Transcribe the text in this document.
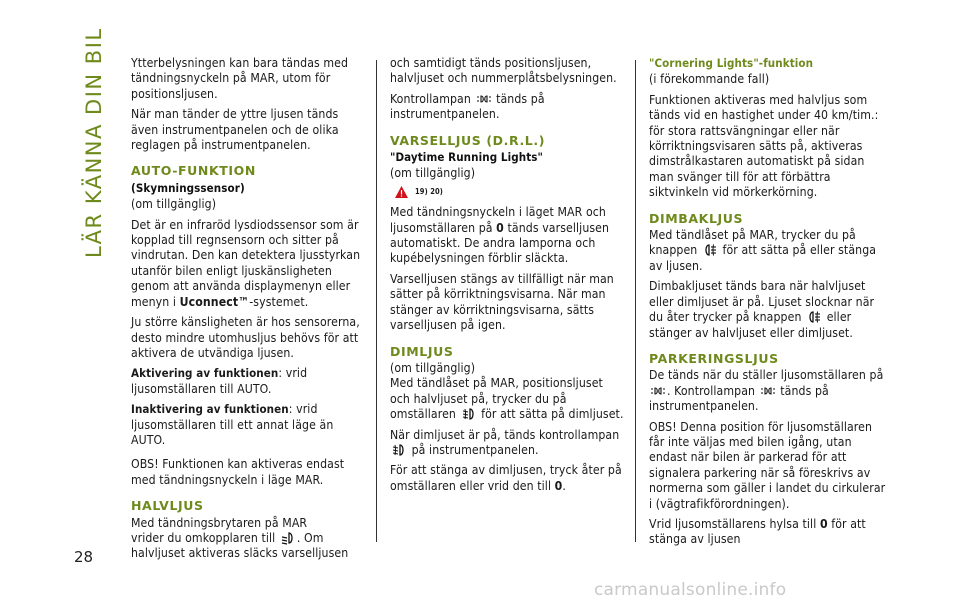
LÄR KÄNNA DIN BIL
28

Ytterbelysningen kan bara tändas med tändningsnyckeln på MAR, utom för positionsljusen.

När man tänder de yttre ljusen tänds även instrumentpanelen och de olika reglagen på instrumentpanelen.

AUTO-FUNKTION
(Skymningssensor)

(om tillgänglig)

Det är en infraröd lysdiodssensor som är kopplad till regnsensorn och sitter på vindrutan. Den kan detektera ljusstyrkan utanför bilen enligt ljuskänsligheten genom att använda displaymenyn eller menyn i Uconnect™-systemet.

Ju större känsligheten är hos sensorerna, desto mindre utomhusljus behövs för att aktivera de utvändiga ljusen.

Aktivering av funktionen: vrid ljusomställaren till AUTO.

Inaktivering av funktionen: vrid ljusomställaren till ett annat läge än AUTO.

OBS! Funktionen kan aktiveras endast med tändningsnyckeln i läge MAR.

HALVLJUS

Med tändningsbrytaren på MAR

vrider du omkopplaren till . Om halvljuset aktiveras släcks varselljusen

och samtidigt tänds positionsljusen, halvljuset och nummerplåtsbelysningen.

Kontrollampan  tänds på instrumentpanelen.

VARSELLJUS (D.R.L.)
"Daytime Running Lights"

(om tillgänglig)

19) 20)

Med tändningsnyckeln i läget MAR och ljusomställaren på 0 tänds varselljusen automatiskt. De andra lamporna och kupébelysningen förblir släckta.

Varselljusen stängs av tillfälligt när man sätter på körriktningsvisarna. När man stänger av körriktningsvisarna, sätts varselljusen på igen.

DIMLJUS

(om tillgänglig)

Med tändlåset på MAR, positionsljuset och halvljuset på, trycker du på omställaren  för att sätta på dimljuset.

När dimljuset är på, tänds kontrollampan  på instrumentpanelen.

För att stänga av dimljusen, tryck åter på omställaren eller vrid den till 0.

"Cornering Lights"-funktion

(i förekommande fall)

Funktionen aktiveras med halvljus som tänds vid en hastighet under 40 km/tim.: för stora rattsvängningar eller när körriktningsvisaren sätts på, aktiveras dimstrålkastaren automatiskt på sidan man svänger till för att förbättra siktvinkeln vid mörkerkörning.

DIMBAKLJUS

Med tändlåset på MAR, trycker du på knappen  för att sätta på eller stänga av ljusen.

Dimbakljuset tänds bara när halvljuset eller dimljuset är på. Ljuset slocknar när du åter trycker på knappen  eller stänger av halvljuset eller dimljuset.

PARKERINGSLJUS

De tänds när du ställer ljusomställaren på . Kontrollampan  tänds på instrumentpanelen.

OBS! Denna position för ljusomställaren får inte väljas med bilen igång, utan endast när bilen är parkerad för att signalera parkering när så föreskrivs av normerna som gäller i landet du cirkulerar i (vägtrafikförordningen).

Vrid ljusomställarens hylsa till 0 för att stänga av ljusen

carmanualsonline.info
